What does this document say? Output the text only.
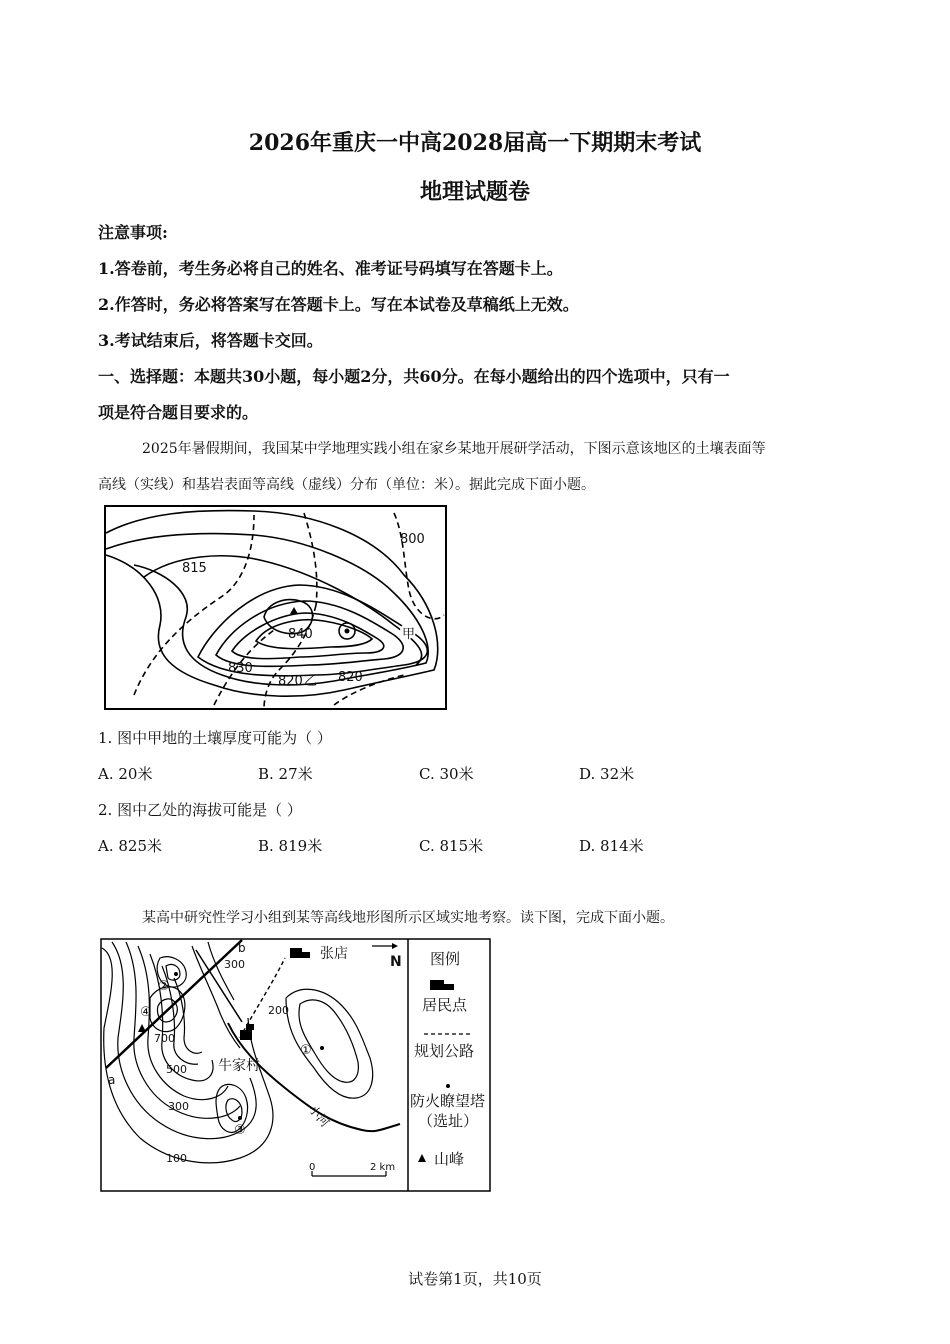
2026年重庆一中高2028届高一下期期末考试
地理试题卷
注意事项:
1.答卷前，考生务必将自己的姓名、准考证号码填写在答题卡上。
2.作答时，务必将答案写在答题卡上。写在本试卷及草稿纸上无效。
3.考试结束后，将答题卡交回。
一、选择题：本题共30小题，每小题2分，共60分。在每小题给出的四个选项中，只有一
项是符合题目要求的。
2025年暑假期间，我国某中学地理实践小组在家乡某地开展研学活动，下图示意该地区的土壤表面等
高线（实线）和基岩表面等高线（虚线）分布（单位：米）。据此完成下面小题。
800
815
840
830
820 乙 820
甲
1. 图中甲地的土壤厚度可能为（ ）
A. 20米	B. 27米	C. 30米	D. 32米
2. 图中乙处的海拔可能是（ ）
A. 825米	B. 819米	C. 815米	D. 814米
某高中研究性学习小组到某等高线地形图所示区域实地考察。读下图，完成下面小题。
b
300
张店	N
②
④
700
200
牛家村
①
a
500
300
③
小河
100
0	2 km
图例
居民点
规划公路
防火瞭望塔
（选址）
山峰
试卷第1页，共10页
